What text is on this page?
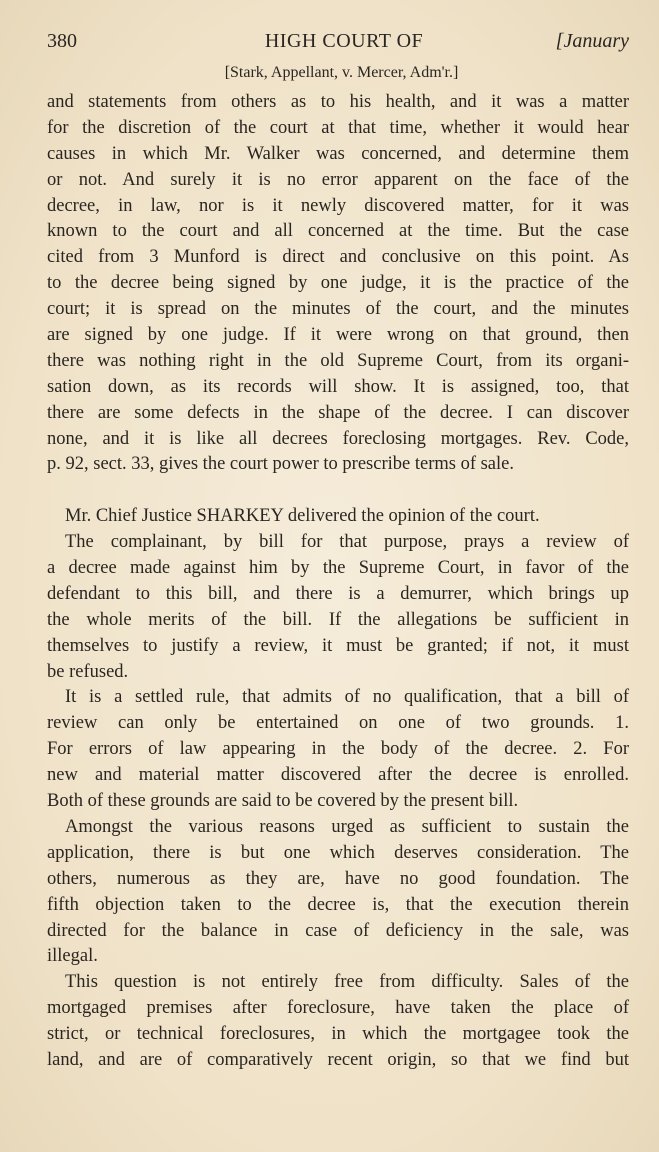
380	HIGH COURT OF	[January
[Stark, Appellant, v. Mercer, Adm'r.]
and statements from others as to his health, and it was a matter
for the discretion of the court at that time, whether it would hear
causes in which Mr. Walker was concerned, and determine them
or not. And surely it is no error apparent on the face of the
decree, in law, nor is it newly discovered matter, for it was
known to the court and all concerned at the time. But the case
cited from 3 Munford is direct and conclusive on this point. As
to the decree being signed by one judge, it is the practice of the
court; it is spread on the minutes of the court, and the minutes
are signed by one judge. If it were wrong on that ground, then
there was nothing right in the old Supreme Court, from its organi-
sation down, as its records will show. It is assigned, too, that
there are some defects in the shape of the decree. I can discover
none, and it is like all decrees foreclosing mortgages. Rev. Code,
p. 92, sect. 33, gives the court power to prescribe terms of sale.
Mr. Chief Justice SHARKEY delivered the opinion of the court.
The complainant, by bill for that purpose, prays a review of
a decree made against him by the Supreme Court, in favor of the
defendant to this bill, and there is a demurrer, which brings up
the whole merits of the bill. If the allegations be sufficient in
themselves to justify a review, it must be granted; if not, it must
be refused.
It is a settled rule, that admits of no qualification, that a bill of
review can only be entertained on one of two grounds. 1.
For errors of law appearing in the body of the decree. 2. For
new and material matter discovered after the decree is enrolled.
Both of these grounds are said to be covered by the present bill.
Amongst the various reasons urged as sufficient to sustain the
application, there is but one which deserves consideration. The
others, numerous as they are, have no good foundation. The
fifth objection taken to the decree is, that the execution therein
directed for the balance in case of deficiency in the sale, was
illegal.
This question is not entirely free from difficulty. Sales of the
mortgaged premises after foreclosure, have taken the place of
strict, or technical foreclosures, in which the mortgagee took the
land, and are of comparatively recent origin, so that we find but
